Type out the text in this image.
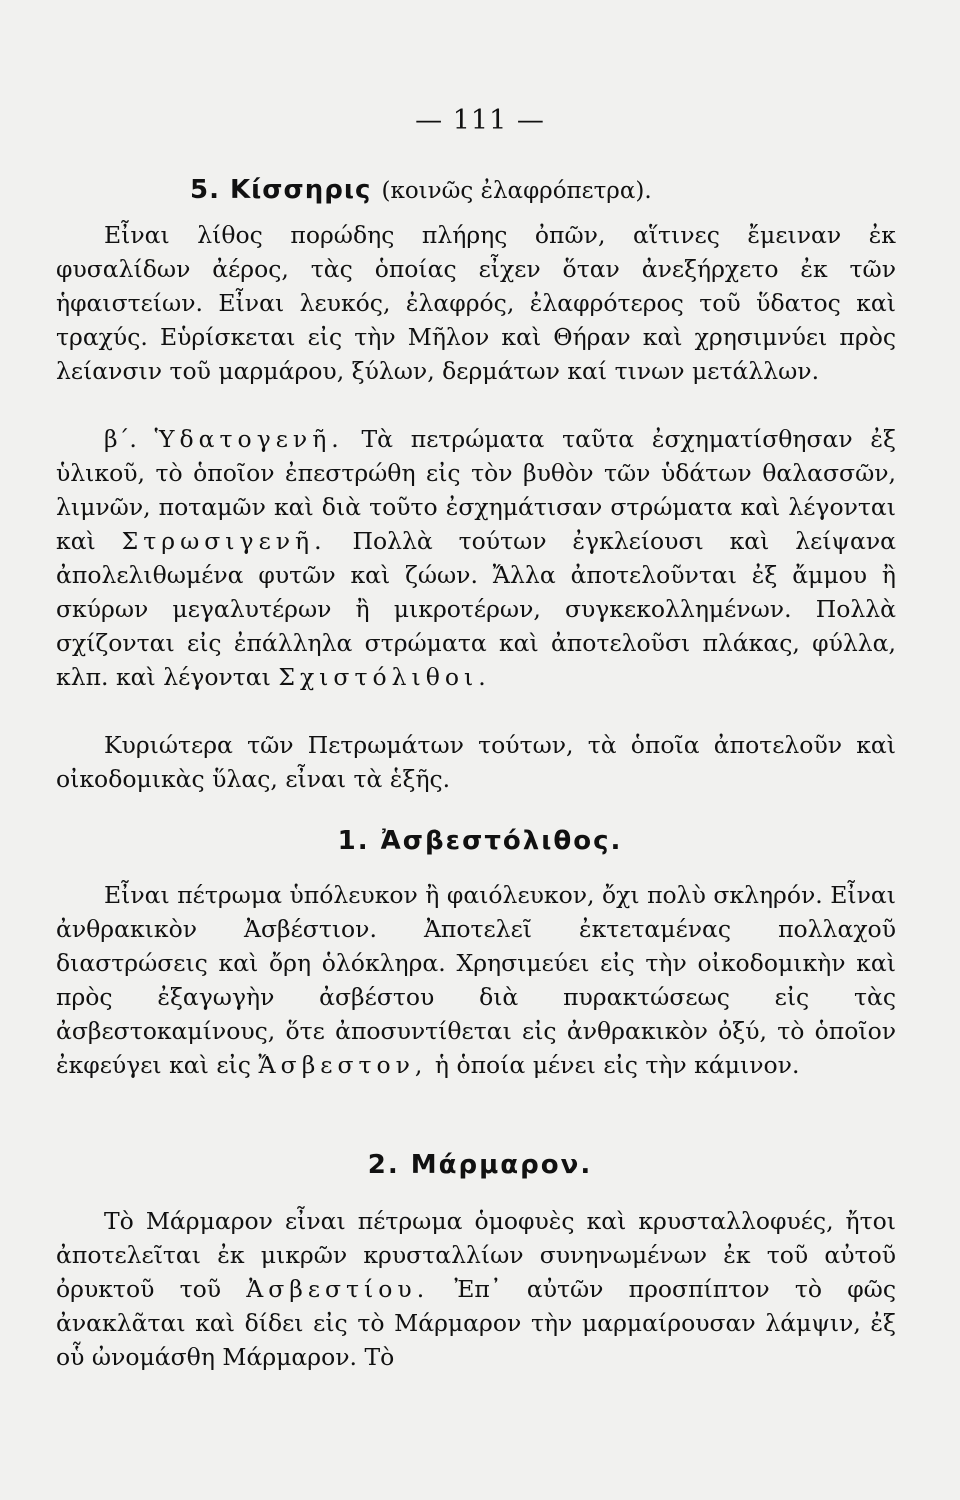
— 111 —
5. Κίσσηρις (κοινῶς ἐλαφρόπετρα).

Εἶναι λίθος πορώδης πλήρης ὀπῶν, αἵτινες ἔμειναν ἐκ φυσαλίδων ἀέρος, τὰς ὁποίας εἶχεν ὅταν ἀνεξήρχετο ἐκ τῶν ἡφαιστείων. Εἶναι λευκός, ἐλαφρός, ἐλαφρότερος τοῦ ὕδατος καὶ τραχύς. Εὑρίσκεται εἰς τὴν Μῆλον καὶ Θήραν καὶ χρησιμνύει πρὸς λείανσιν τοῦ μαρμάρου, ξύλων, δερμάτων καί τινων μετάλλων.

β΄. Ὑδατογενῆ. Τὰ πετρώματα ταῦτα ἐσχηματίσθησαν ἐξ ὑλικοῦ, τὸ ὁποῖον ἐπεστρώθη εἰς τὸν βυθὸν τῶν ὑδάτων θαλασσῶν, λιμνῶν, ποταμῶν καὶ διὰ τοῦτο ἐσχημάτισαν στρώματα καὶ λέγονται καὶ Στρωσιγενῆ. Πολλὰ τούτων ἐγκλείουσι καὶ λείψανα ἀπολελιθωμένα φυτῶν καὶ ζώων. Ἄλλα ἀποτελοῦνται ἐξ ἄμμου ἢ σκύρων μεγαλυτέρων ἢ μικροτέρων, συγκεκολλημένων. Πολλὰ σχίζονται εἰς ἐπάλληλα στρώματα καὶ ἀποτελοῦσι πλάκας, φύλλα, κλπ. καὶ λέγονται Σχιστόλιθοι.

Κυριώτερα τῶν Πετρωμάτων τούτων, τὰ ὁποῖα ἀποτελοῦν καὶ οἰκοδομικὰς ὕλας, εἶναι τὰ ἑξῆς.

1. Ἀσβεστόλιθος.

Εἶναι πέτρωμα ὑπόλευκον ἢ φαιόλευκον, ὄχι πολὺ σκληρόν. Εἶναι ἀνθρακικὸν Ἀσβέστιον. Ἀποτελεῖ ἐκτεταμένας πολλαχοῦ διαστρώσεις καὶ ὄρη ὁλόκληρα. Χρησιμεύει εἰς τὴν οἰκοδομικὴν καὶ πρὸς ἐξαγωγὴν ἀσβέστου διὰ πυρακτώσεως εἰς τὰς ἀσβεστοκαμίνους, ὅτε ἀποσυντίθεται εἰς ἀνθρακικὸν ὀξύ, τὸ ὁποῖον ἐκφεύγει καὶ εἰς Ἄσβεστον, ἡ ὁποία μένει εἰς τὴν κάμινον.

2. Μάρμαρον.

Τὸ Μάρμαρον εἶναι πέτρωμα ὁμοφυὲς καὶ κρυσταλλοφυές, ἤτοι ἀποτελεῖται ἐκ μικρῶν κρυσταλλίων συνηνωμένων ἐκ τοῦ αὐτοῦ ὀρυκτοῦ τοῦ Ἀσβεστίου. Ἐπ᾿ αὐτῶν προσπίπτον τὸ φῶς ἀνακλᾶται καὶ δίδει εἰς τὸ Μάρμαρον τὴν μαρμαίρουσαν λάμψιν, ἐξ οὗ ὠνομάσθη Μάρμαρον. Τὸ
